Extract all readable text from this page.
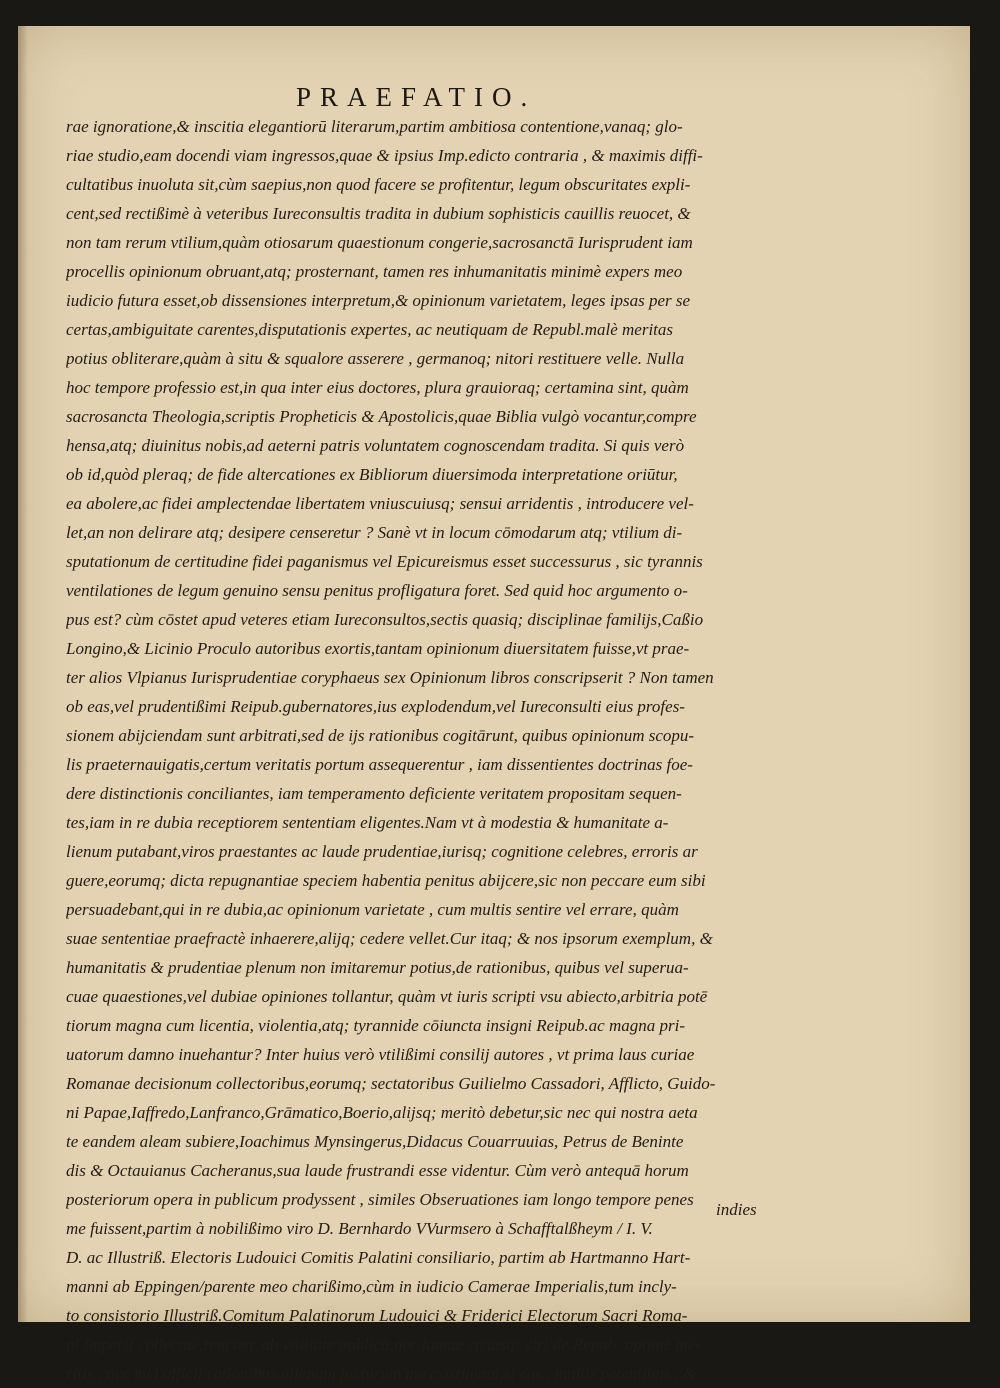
PRAEFATIO.
rae ignoratione,& inscitia elegantiorū literarum,partim ambitiosa contentione,vanaq; glo-
riae studio,eam docendi viam ingressos,quae & ipsius Imp.edicto contraria , & maximis diffi-
cultatibus inuoluta sit,cùm saepius,non quod facere se profitentur, legum obscuritates expli-
cent,sed rectißimè à veteribus Iureconsultis tradita in dubium sophisticis cauillis reuocet, &
non tam rerum vtilium,quàm otiosarum quaestionum congerie,sacrosanctā Iurisprudent iam
procellis opinionum obruant,atq; prosternant, tamen res inhumanitatis minimè expers meo
iudicio futura esset,ob dissensiones interpretum,& opinionum varietatem, leges ipsas per se
certas,ambiguitate carentes,disputationis expertes, ac neutiquam de Republ.malè meritas
potius obliterare,quàm à situ & squalore asserere , germanoq; nitori restituere velle. Nulla
hoc tempore professio est,in qua inter eius doctores, plura grauioraq; certamina sint, quàm
sacrosancta Theologia,scriptis Propheticis & Apostolicis,quae Biblia vulgò vocantur,compre
hensa,atq; diuinitus nobis,ad aeterni patris voluntatem cognoscendam tradita. Si quis verò
ob id,quòd pleraq; de fide altercationes ex Bibliorum diuersimoda interpretatione oriūtur,
ea abolere,ac fidei amplectendae libertatem vniuscuiusq; sensui arridentis , introducere vel-
let,an non delirare atq; desipere censeretur ? Sanè vt in locum cōmodarum atq; vtilium di-
sputationum de certitudine fidei paganismus vel Epicureismus esset successurus , sic tyrannis
ventilationes de legum genuino sensu penitus profligatura foret. Sed quid hoc argumento o-
pus est? cùm cōstet apud veteres etiam Iureconsultos,sectis quasiq; disciplinae familijs,Caßio
Longino,& Licinio Proculo autoribus exortis,tantam opinionum diuersitatem fuisse,vt prae-
ter alios Vlpianus Iurisprudentiae coryphaeus sex Opinionum libros conscripserit ? Non tamen
ob eas,vel prudentißimi Reipub.gubernatores,ius explodendum,vel Iureconsulti eius profes-
sionem abijciendam sunt arbitrati,sed de ijs rationibus cogitārunt, quibus opinionum scopu-
lis praeternauigatis,certum veritatis portum assequerentur , iam dissentientes doctrinas foe-
dere distinctionis conciliantes, iam temperamento deficiente veritatem propositam sequen-
tes,iam in re dubia receptiorem sententiam eligentes.Nam vt à modestia & humanitate a-
lienum putabant,viros praestantes ac laude prudentiae,iurisq; cognitione celebres, erroris ar
guere,eorumq; dicta repugnantiae speciem habentia penitus abijcere,sic non peccare eum sibi
persuadebant,qui in re dubia,ac opinionum varietate , cum multis sentire vel errare, quàm
suae sententiae praefractè inhaerere,alijq; cedere vellet.Cur itaq; & nos ipsorum exemplum, &
humanitatis & prudentiae plenum non imitaremur potius,de rationibus, quibus vel superua-
cuae quaestiones,vel dubiae opiniones tollantur, quàm vt iuris scripti vsu abiecto,arbitria potē
tiorum magna cum licentia, violentia,atq; tyrannide cōiuncta insigni Reipub.ac magna pri-
uatorum damno inuehantur? Inter huius verò vtilißimi consilij autores , vt prima laus curiae
Romanae decisionum collectoribus,eorumq; sectatoribus Guilielmo Cassadori, Afflicto, Guido-
ni Papae,Iaffredo,Lanfranco,Grāmatico,Boerio,alijsq; meritò debetur,sic nec qui nostra aeta
te eandem aleam subiere,Ioachimus Mynsingerus,Didacus Couarruuias, Petrus de Beninte
dis & Octauianus Cacheranus,sua laude frustrandi esse videntur. Cùm verò antequā horum
posteriorum opera in publicum prodyssent , similes Obseruationes iam longo tempore penes
me fuissent,partim à nobilißimo viro D. Bernhardo VVurmsero à Schafftalßheym / I. V.
D. ac Illustriß. Electoris Ludouici Comitis Palatini consiliario, partim ab Hartmanno Hart-
manni ab Eppingen/parente meo charißimo,cùm in iudicio Camerae Imperialis,tum incly-
to consistorio Illustriß.Comitum Palatinorum Ludouici & Friderici Electorum Sacri Roma-
ni Imperij collectae,rem nec ab vtilitate publica,nec famae vtriusq; viri de Repub. optimè me-
ritis , nec mei officij rationibus alienam facturum me existimaui,si eas , multis petentibus , &
indies
